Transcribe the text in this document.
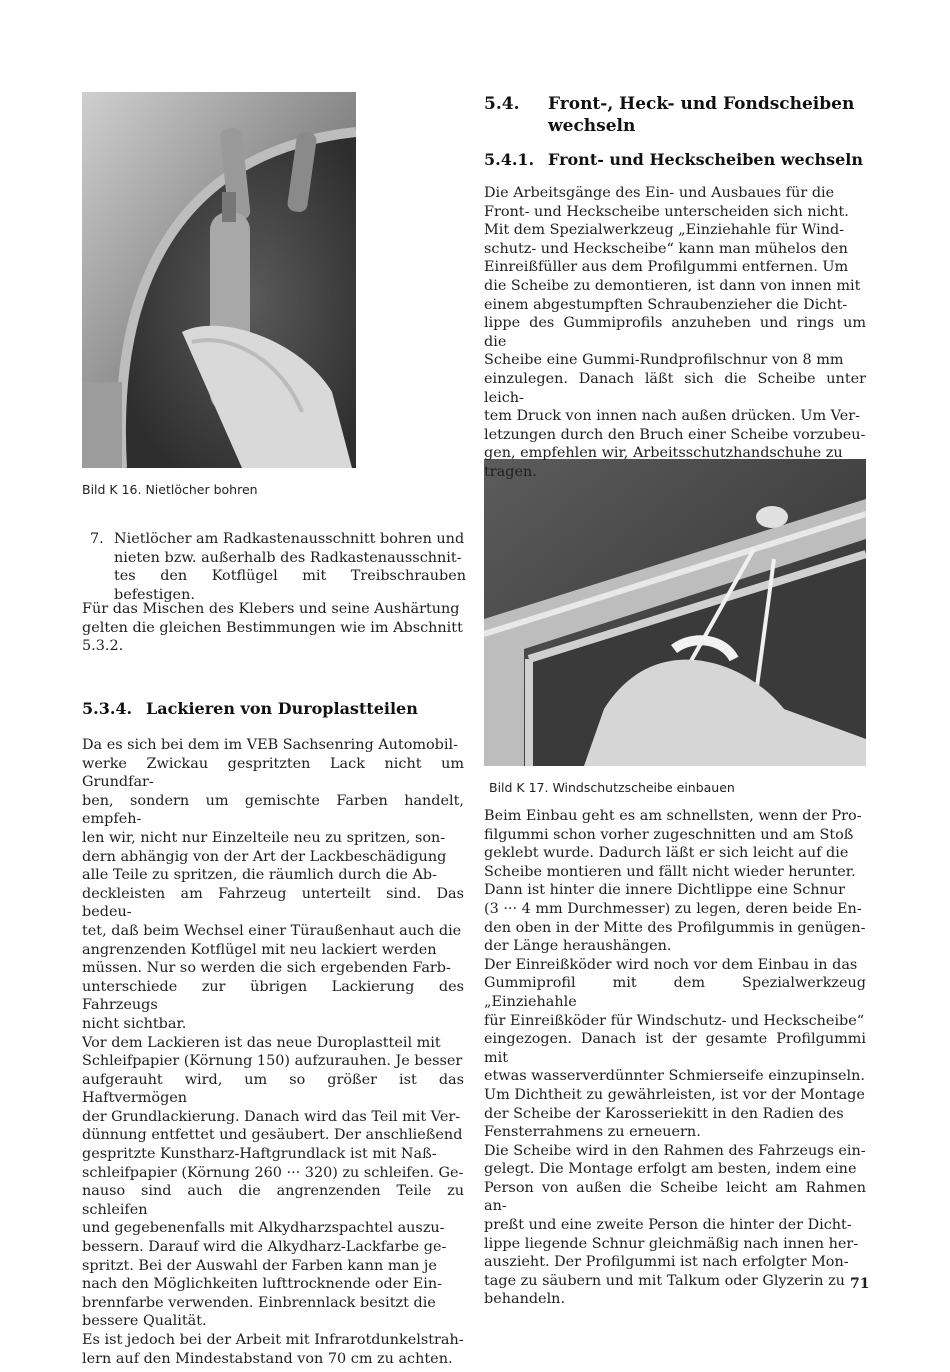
Bild K 16. Nietlöcher bohren
Bild K 17. Windschutzscheibe einbauen
5.4. Front-, Heck- und Fondscheiben
wechseln
5.4.1. Front- und Heckscheiben wechseln
Die Arbeitsgänge des Ein- und Ausbaues für die
Front- und Heckscheibe unterscheiden sich nicht.
Mit dem Spezialwerkzeug „Einziehahle für Wind-
schutz- und Heckscheibe“ kann man mühelos den
Einreißfüller aus dem Profilgummi entfernen. Um
die Scheibe zu demontieren, ist dann von innen mit
einem abgestumpften Schraubenzieher die Dicht-
lippe des Gummiprofils anzuheben und rings um die
Scheibe eine Gummi-Rundprofilschnur von 8 mm
einzulegen. Danach läßt sich die Scheibe unter leich-
tem Druck von innen nach außen drücken. Um Ver-
letzungen durch den Bruch einer Scheibe vorzubeu-
gen, empfehlen wir, Arbeitsschutzhandschuhe zu
tragen.
7. Nietlöcher am Radkastenausschnitt bohren und
nieten bzw. außerhalb des Radkastenausschnit-
tes den Kotflügel mit Treibschrauben befestigen.
Für das Mischen des Klebers und seine Aushärtung
gelten die gleichen Bestimmungen wie im Abschnitt
5.3.2.
5.3.4. Lackieren von Duroplastteilen
Da es sich bei dem im VEB Sachsenring Automobil-
werke Zwickau gespritzten Lack nicht um Grundfar-
ben, sondern um gemischte Farben handelt, empfeh-
len wir, nicht nur Einzelteile neu zu spritzen, son-
dern abhängig von der Art der Lackbeschädigung
alle Teile zu spritzen, die räumlich durch die Ab-
deckleisten am Fahrzeug unterteilt sind. Das bedeu-
tet, daß beim Wechsel einer Türaußenhaut auch die
angrenzenden Kotflügel mit neu lackiert werden
müssen. Nur so werden die sich ergebenden Farb-
unterschiede zur übrigen Lackierung des Fahrzeugs
nicht sichtbar.
Vor dem Lackieren ist das neue Duroplastteil mit
Schleifpapier (Körnung 150) aufzurauhen. Je besser
aufgerauht wird, um so größer ist das Haftvermögen
der Grundlackierung. Danach wird das Teil mit Ver-
dünnung entfettet und gesäubert. Der anschließend
gespritzte Kunstharz-Haftgrundlack ist mit Naß-
schleifpapier (Körnung 260 ··· 320) zu schleifen. Ge-
nauso sind auch die angrenzenden Teile zu schleifen
und gegebenenfalls mit Alkydharzspachtel auszu-
bessern. Darauf wird die Alkydharz-Lackfarbe ge-
spritzt. Bei der Auswahl der Farben kann man je
nach den Möglichkeiten lufttrocknende oder Ein-
brennfarbe verwenden. Einbrennlack besitzt die
bessere Qualität.
Es ist jedoch bei der Arbeit mit Infrarotdunkelstrah-
lern auf den Mindestabstand von 70 cm zu achten.
Beim Einbau geht es am schnellsten, wenn der Pro-
filgummi schon vorher zugeschnitten und am Stoß
geklebt wurde. Dadurch läßt er sich leicht auf die
Scheibe montieren und fällt nicht wieder herunter.
Dann ist hinter die innere Dichtlippe eine Schnur
(3 ··· 4 mm Durchmesser) zu legen, deren beide En-
den oben in der Mitte des Profilgummis in genügen-
der Länge heraushängen.
Der Einreißköder wird noch vor dem Einbau in das
Gummiprofil mit dem Spezialwerkzeug „Einziehahle
für Einreißköder für Windschutz- und Heckscheibe“
eingezogen. Danach ist der gesamte Profilgummi mit
etwas wasserverdünnter Schmierseife einzupinseln.
Um Dichtheit zu gewährleisten, ist vor der Montage
der Scheibe der Karosseriekitt in den Radien des
Fensterrahmens zu erneuern.
Die Scheibe wird in den Rahmen des Fahrzeugs ein-
gelegt. Die Montage erfolgt am besten, indem eine
Person von außen die Scheibe leicht am Rahmen an-
preßt und eine zweite Person die hinter der Dicht-
lippe liegende Schnur gleichmäßig nach innen her-
auszieht. Der Profilgummi ist nach erfolgter Mon-
tage zu säubern und mit Talkum oder Glyzerin zu
behandeln.
71
